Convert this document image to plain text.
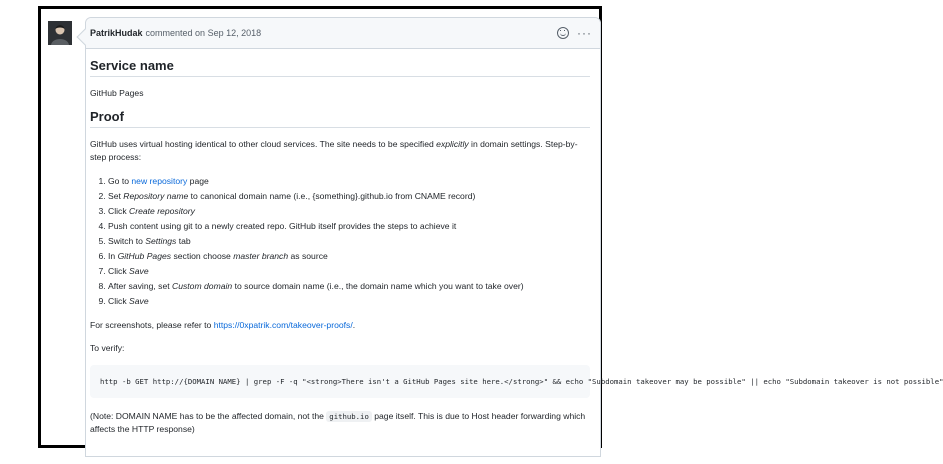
PatrikHudak commented on
Sep 12, 2018	···
Service name

GitHub Pages

Proof

GitHub uses virtual hosting identical to other cloud services. The site needs to be specified explicitly in domain settings. Step-by-step process:

1. Go to new repository page
2. Set Repository name to canonical domain name (i.e., {something}.github.io from CNAME record)
3. Click Create repository
4. Push content using git to a newly created repo. GitHub itself provides the steps to achieve it
5. Switch to Settings tab
6. In GitHub Pages section choose master branch as source
7. Click Save
8. After saving, set Custom domain to source domain name (i.e., the domain name which you want to take over)
9. Click Save

For screenshots, please refer to https://0xpatrik.com/takeover-proofs/.

To verify:

http -b GET http://{DOMAIN NAME} | grep -F -q "<strong>There isn't a GitHub Pages site here.</strong>" && echo "Subdomain takeover may be possible" || echo "Subdomain takeover is not possible"

(Note: DOMAIN NAME has to be the affected domain, not the github.io page itself. This is due to Host header forwarding which affects the HTTP response)
